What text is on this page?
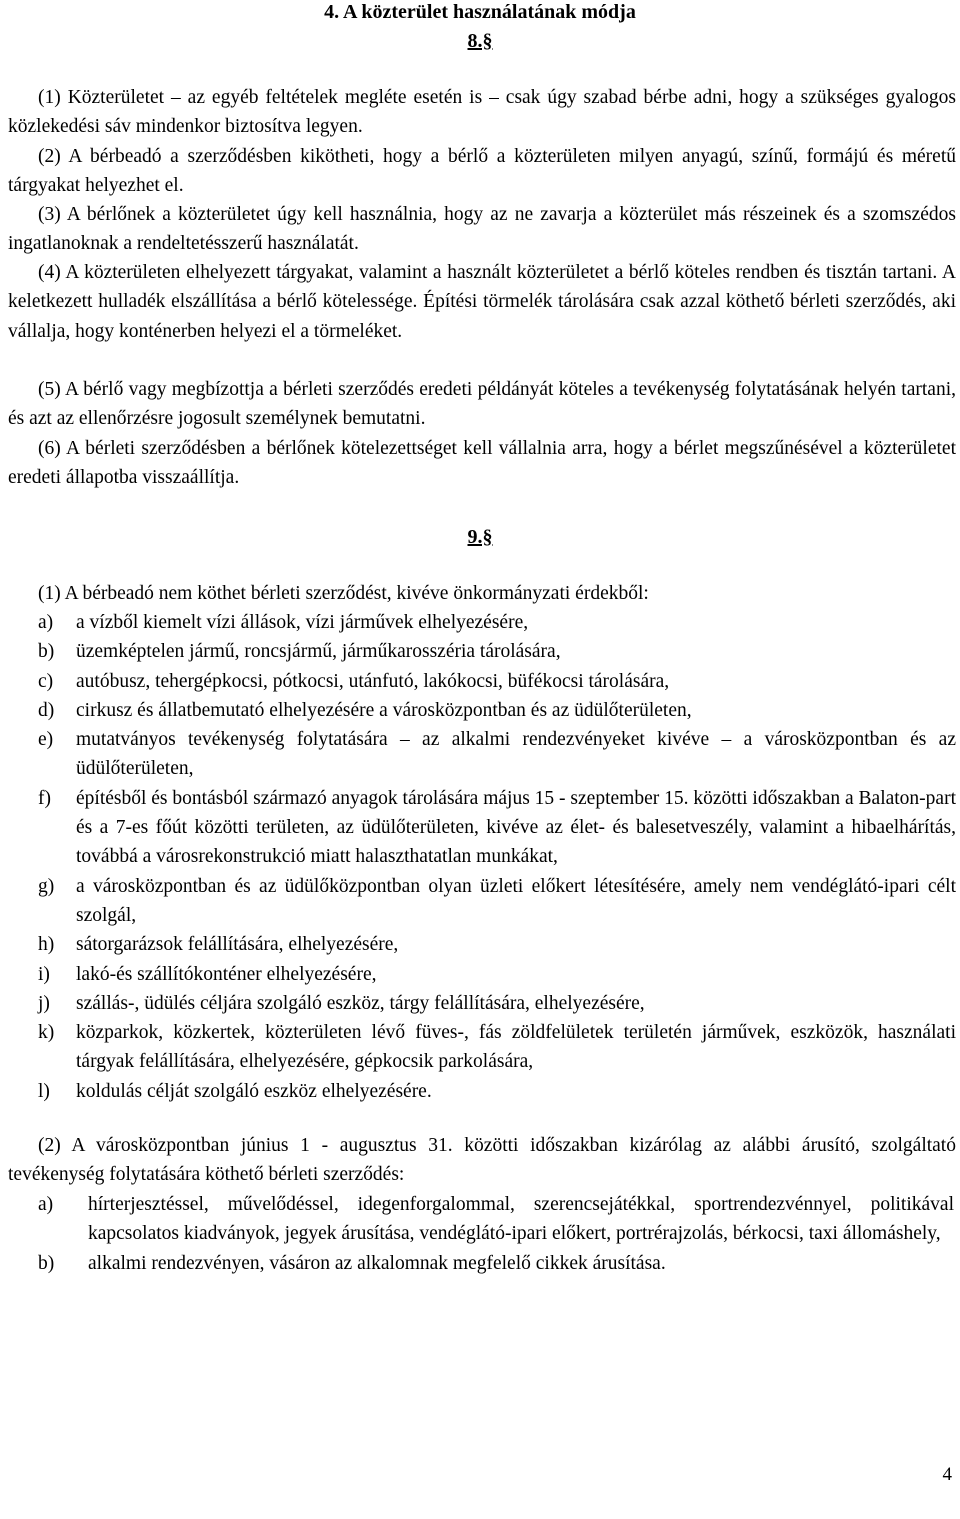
4. A közterület használatának módja
8.§
(1) Közterületet – az egyéb feltételek megléte esetén is – csak úgy szabad bérbe adni, hogy a szükséges gyalogos közlekedési sáv mindenkor biztosítva legyen.
(2) A bérbeadó a szerződésben kikötheti, hogy a bérlő a közterületen milyen anyagú, színű, formájú és méretű tárgyakat helyezhet el.
(3) A bérlőnek a közterületet úgy kell használnia, hogy az ne zavarja a közterület más részeinek és a szomszédos ingatlanoknak a rendeltetésszerű használatát.
(4) A közterületen elhelyezett tárgyakat, valamint a használt közterületet a bérlő köteles rendben és tisztán tartani. A keletkezett hulladék elszállítása a bérlő kötelessége. Építési törmelék tárolására csak azzal köthető bérleti szerződés, aki vállalja, hogy konténerben helyezi el a törmeléket.
(5) A bérlő vagy megbízottja a bérleti szerződés eredeti példányát köteles a tevékenység folytatásának helyén tartani, és azt az ellenőrzésre jogosult személynek bemutatni.
(6) A bérleti szerződésben a bérlőnek kötelezettséget kell vállalnia arra, hogy a bérlet megszűnésével a közterületet eredeti állapotba visszaállítja.
9.§
(1) A bérbeadó nem köthet bérleti szerződést, kivéve önkormányzati érdekből:
a) a vízből kiemelt vízi állások, vízi járművek elhelyezésére,
b) üzemképtelen jármű, roncsjármű, járműkarosszéria tárolására,
c) autóbusz, tehergépkocsi, pótkocsi, utánfutó, lakókocsi, büfékocsi tárolására,
d) cirkusz és állatbemutató elhelyezésére a városközpontban és az üdülőterületen,
e) mutatványos tevékenység folytatására – az alkalmi rendezvényeket kivéve – a városközpontban és az üdülőterületen,
f) építésből és bontásból származó anyagok tárolására május 15 - szeptember 15. közötti időszakban a Balaton-part és a 7-es főút közötti területen, az üdülőterületen, kivéve az élet- és balesetveszély, valamint a hibaelhárítás, továbbá a városrekonstrukció miatt halaszthatatlan munkákat,
g) a városközpontban és az üdülőközpontban olyan üzleti előkert létesítésére, amely nem vendéglátó-ipari célt szolgál,
h) sátorgarázsok felállítására, elhelyezésére,
i) lakó-és szállítókonténer elhelyezésére,
j) szállás-, üdülés céljára szolgáló eszköz, tárgy felállítására, elhelyezésére,
k) közparkok, közkertek, közterületen lévő füves-, fás zöldfelületek területén járművek, eszközök, használati tárgyak felállítására, elhelyezésére, gépkocsik parkolására,
l) koldulás célját szolgáló eszköz elhelyezésére.
(2) A városközpontban június 1 - augusztus 31. közötti időszakban kizárólag az alábbi árusító, szolgáltató tevékenység folytatására köthető bérleti szerződés:
a) hírterjesztéssel, művelődéssel, idegenforgalommal, szerencsejátékkal, sportrendezvénnyel, politikával kapcsolatos kiadványok, jegyek árusítása, vendéglátó-ipari előkert, portrérajzolás, bérkocsi, taxi állomáshely,
b) alkalmi rendezvényen, vásáron az alkalomnak megfelelő cikkek árusítása.
4
